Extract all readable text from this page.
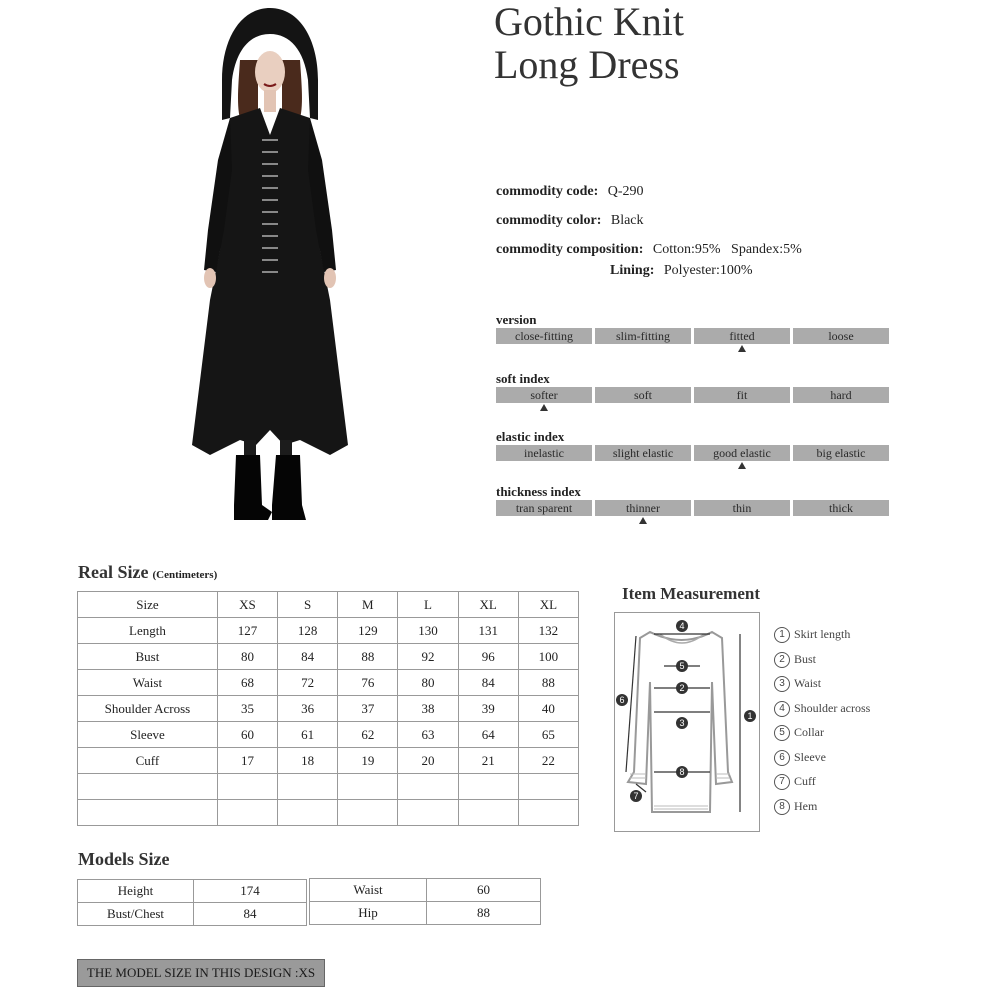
Gothic Knit
Long Dress
commodity code: Q-290
commodity color: Black
commodity composition: Cotton:95%   Spandex:5%
Lining: Polyester:100%
version
close-fitting	slim-fitting	fitted	loose
soft index
softer	soft	fit	hard
elastic index
inelastic	slight elastic	good elastic	big elastic
thickness index
tran sparent	thinner	thin	thick
Real Size (Centimeters)
Size	XS	S	M	L	XL	XL
Length	127	128	129	130	131	132
Bust	80	84	88	92	96	100
Waist	68	72	76	80	84	88
Shoulder Across	35	36	37	38	39	40
Sleeve	60	61	62	63	64	65
Cuff	17	18	19	20	21	22

Item Measurement
4
5
2
3
8
1
6
7
1 Skirt length
2 Bust
3 Waist
4 Shoulder across
5 Collar
6 Sleeve
7 Cuff
8 Hem
Models Size
Height	174
Bust/Chest	84
Waist	60
Hip	88
THE MODEL SIZE IN THIS DESIGN :XS
